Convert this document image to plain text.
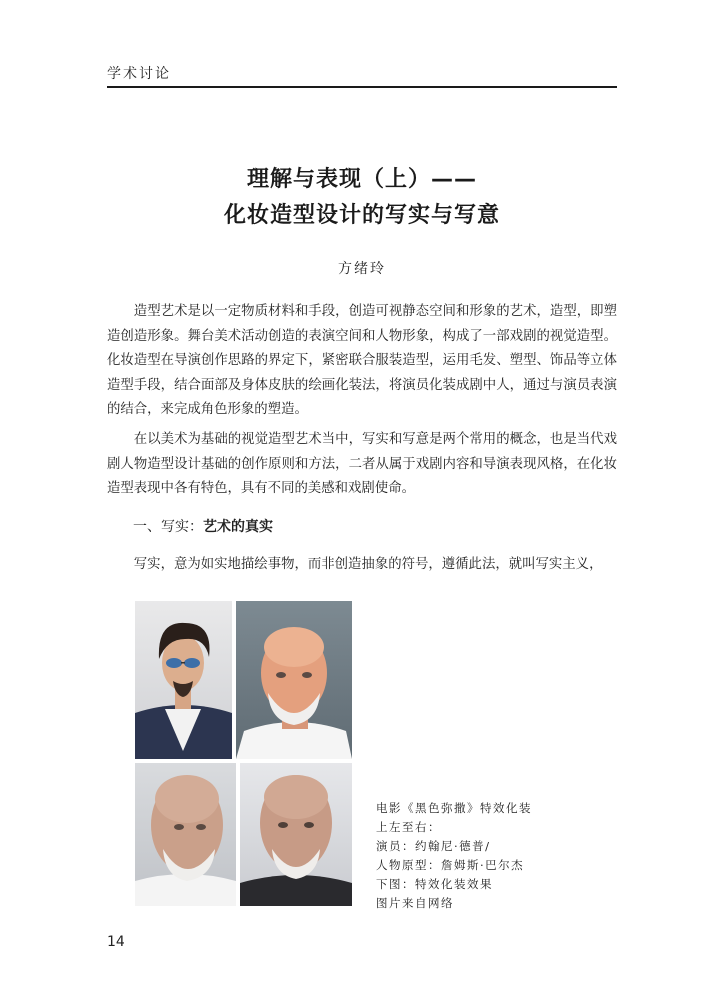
学术讨论
理解与表现（上）——
化妆造型设计的写实与写意
方绪玲

造型艺术是以一定物质材料和手段，创造可视静态空间和形象的艺术，造型，即塑造创造形象。舞台美术活动创造的表演空间和人物形象，构成了一部戏剧的视觉造型。化妆造型在导演创作思路的界定下，紧密联合服装造型，运用毛发、塑型、饰品等立体造型手段，结合面部及身体皮肤的绘画化装法，将演员化装成剧中人，通过与演员表演的结合，来完成角色形象的塑造。

在以美术为基础的视觉造型艺术当中，写实和写意是两个常用的概念，也是当代戏剧人物造型设计基础的创作原则和方法，二者从属于戏剧内容和导演表现风格，在化妆造型表现中各有特色，具有不同的美感和戏剧使命。

一、写实：艺术的真实

写实，意为如实地描绘事物，而非创造抽象的符号，遵循此法，就叫写实主义，

电影《黑色弥撒》特效化装
上左至右：
演员：约翰尼·德普/
人物原型：詹姆斯·巴尔杰
下图：特效化装效果
图片来自网络
14
